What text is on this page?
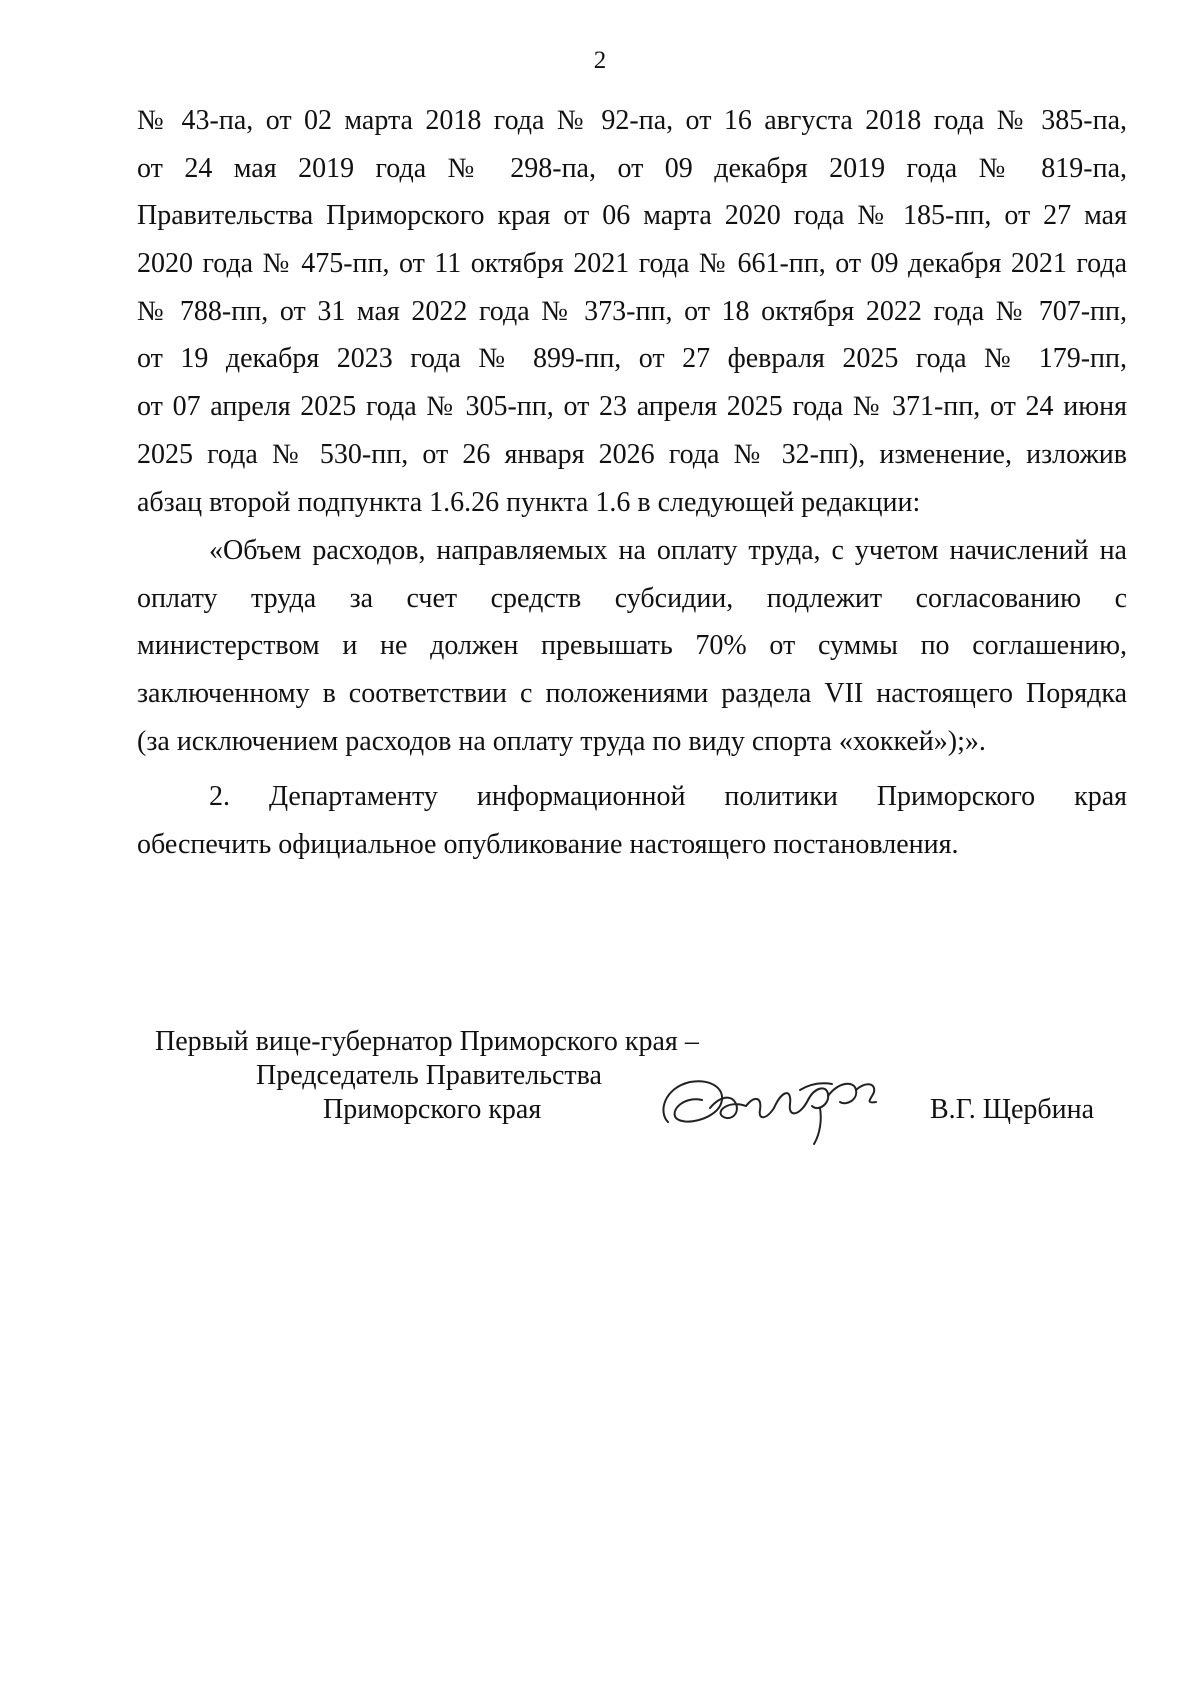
2
№ 43-па, от 02 марта 2018 года № 92-па, от 16 августа 2018 года № 385-па,
от 24 мая 2019 года № 298-па, от 09 декабря 2019 года № 819-па,
Правительства Приморского края от 06 марта 2020 года № 185-пп, от 27 мая
2020 года № 475-пп, от 11 октября 2021 года № 661-пп, от 09 декабря 2021 года
№ 788-пп, от 31 мая 2022 года № 373-пп, от 18 октября 2022 года № 707-пп,
от 19 декабря 2023 года № 899-пп, от 27 февраля 2025 года № 179-пп,
от 07 апреля 2025 года № 305-пп, от 23 апреля 2025 года № 371-пп, от 24 июня
2025 года № 530-пп, от 26 января 2026 года № 32-пп), изменение, изложив
абзац второй подпункта 1.6.26 пункта 1.6 в следующей редакции:
«Объем расходов, направляемых на оплату труда, с учетом начислений на
оплату труда за счет средств субсидии, подлежит согласованию с
министерством и не должен превышать 70% от суммы по соглашению,
заключенному в соответствии с положениями раздела VII настоящего Порядка
(за исключением расходов на оплату труда по виду спорта «хоккей»);».
2. Департаменту информационной политики Приморского края
обеспечить официальное опубликование настоящего постановления.
Первый вице-губернатор Приморского края –
Председатель Правительства
Приморского края	В.Г. Щербина
